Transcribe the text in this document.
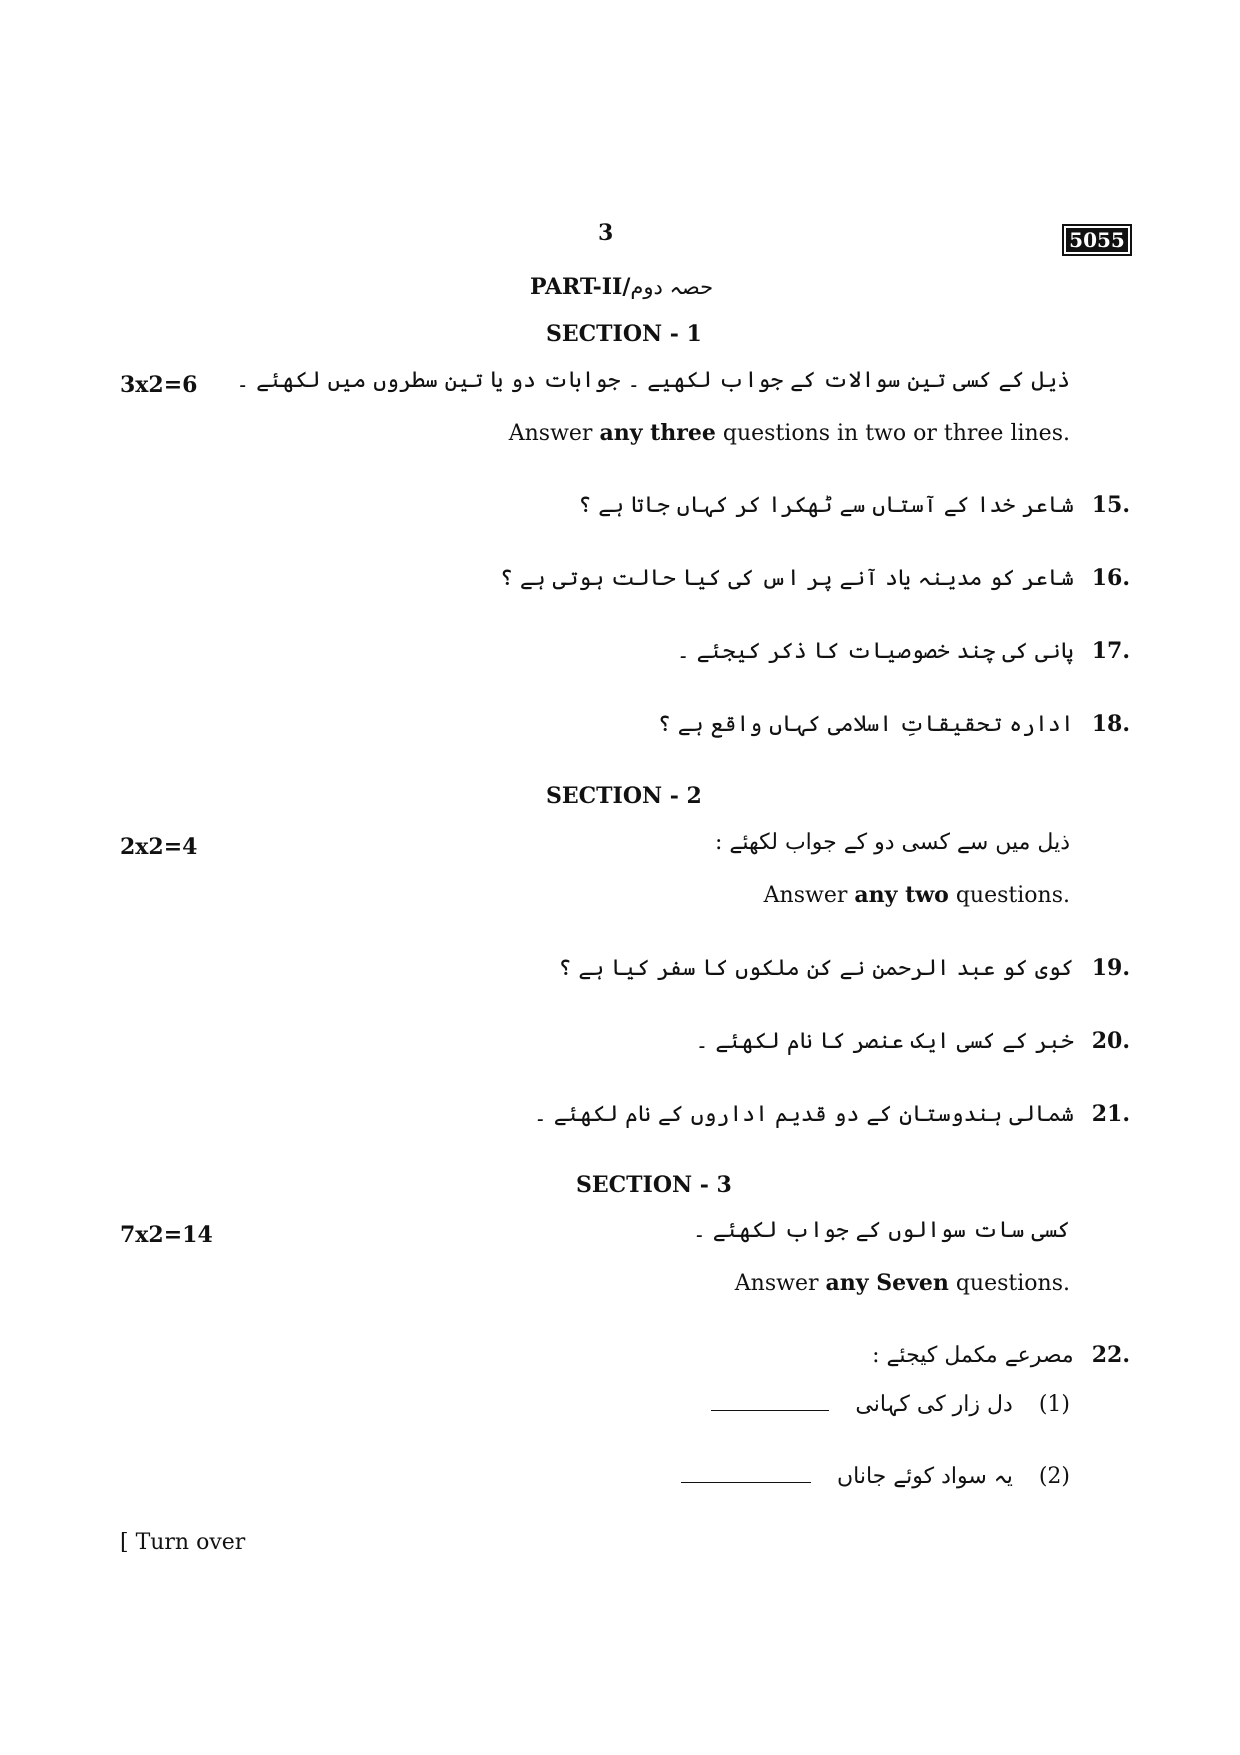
3	5055
PART-II/حصہ دوم
SECTION - 1
3x2=6 ذیل کے کسی تین سوالات کے جواب لکھیے ۔ جوابات دو یا تین سطروں میں لکھئے ۔
Answer any three questions in two or three lines.
15.
شاعر خدا کے آستاں سے ٹھکرا کر کہاں جاتا ہے ؟
16.
شاعر کو مدینہ یاد آنے پر اس کی کیا حالت ہوتی ہے ؟
17.
پانی کی چند خصوصیات کا ذکر کیجئے ۔
18.
ادارہ تحقیقاتِ اسلامی کہاں واقع ہے ؟
SECTION - 2
2x2=4	ذیل میں سے کسی دو کے جواب لکھئے :
Answer any two questions.
19.
کوی کو عبد الرحمن نے کن ملکوں کا سفر کیا ہے ؟
20.
خبر کے کسی ایک عنصر کا نام لکھئے ۔
21.
شمالی ہندوستان کے دو قدیم اداروں کے نام لکھئے ۔
SECTION - 3
7x2=14	کسی سات سوالوں کے جواب لکھئے ۔
Answer any Seven questions.
22.
مصرعے مکمل کیجئے :
(1)
دل زار کی کہانی
(2)
یہ سواد کوئے جاناں
[ Turn over
